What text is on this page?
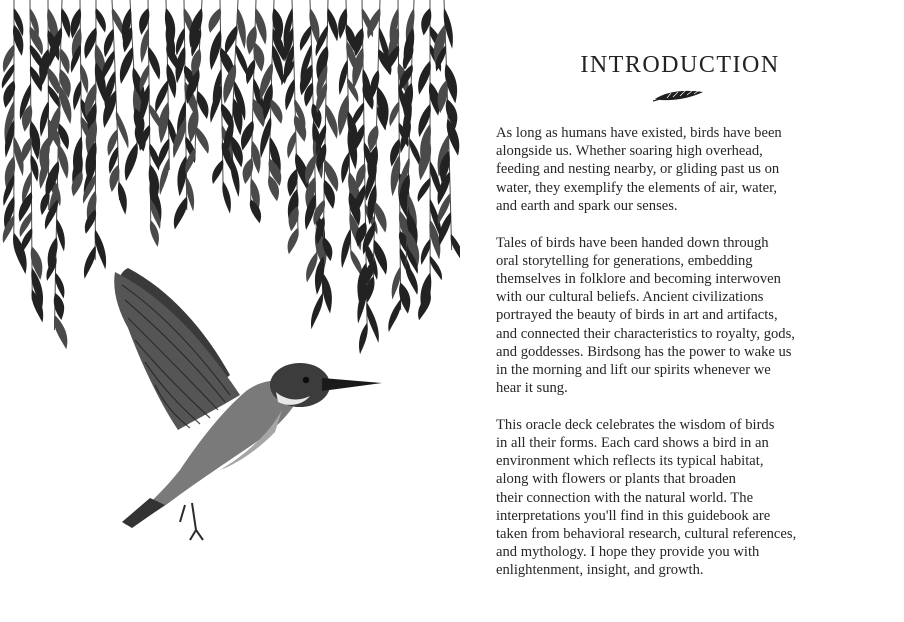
INTRODUCTION

As long as humans have existed, birds have been
alongside us. Whether soaring high overhead,
feeding and nesting nearby, or gliding past us on
water, they exemplify the elements of air, water,
and earth and spark our senses.

Tales of birds have been handed down through
oral storytelling for generations, embedding
themselves in folklore and becoming interwoven
with our cultural beliefs. Ancient civilizations
portrayed the beauty of birds in art and artifacts,
and connected their characteristics to royalty, gods,
and goddesses. Birdsong has the power to wake us
in the morning and lift our spirits whenever we
hear it sung.

This oracle deck celebrates the wisdom of birds
in all their forms. Each card shows a bird in an
environment which reflects its typical habitat,
along with flowers or plants that broaden
their connection with the natural world. The
interpretations you'll find in this guidebook are
taken from behavioral research, cultural references,
and mythology. I hope they provide you with
enlightenment, insight, and growth.
